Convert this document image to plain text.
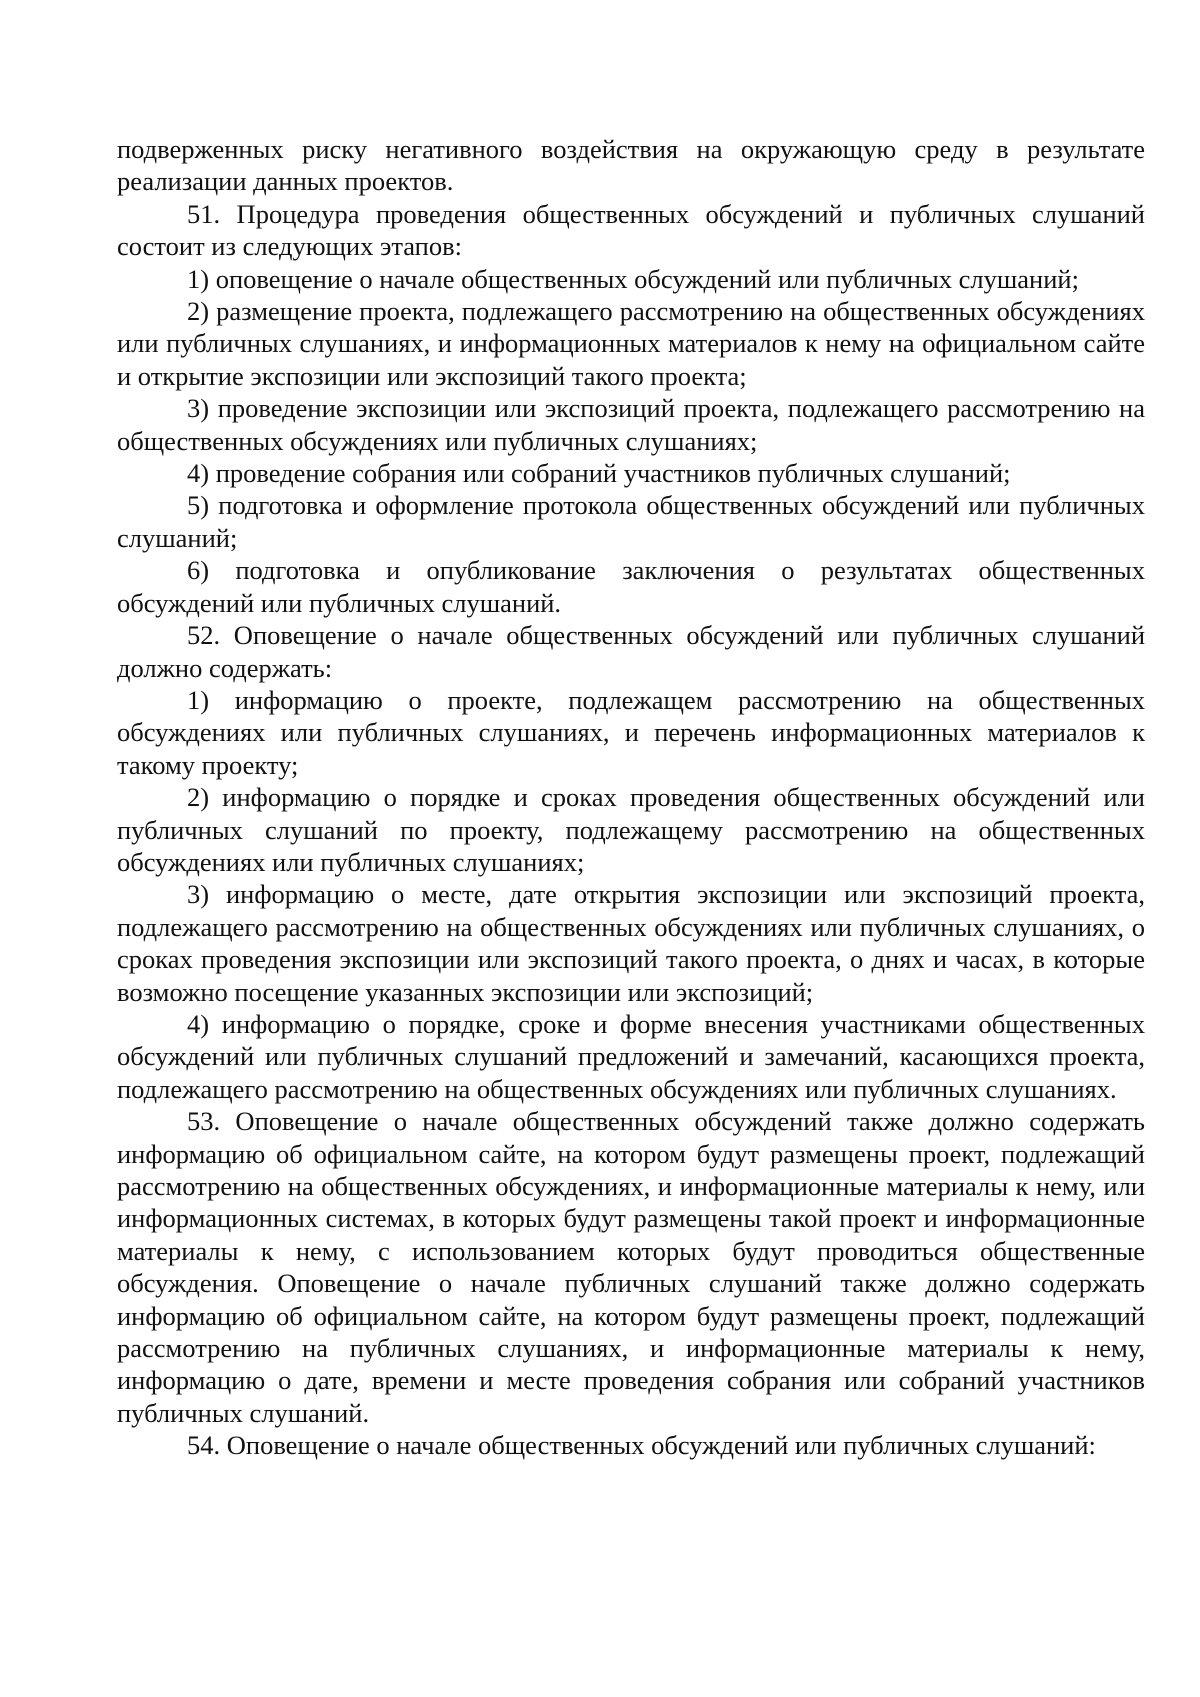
подверженных риску негативного воздействия на окружающую среду в результате реализации данных проектов.

51. Процедура проведения общественных обсуждений и публичных слушаний состоит из следующих этапов:

1) оповещение о начале общественных обсуждений или публичных слушаний;

2) размещение проекта, подлежащего рассмотрению на общественных обсуждениях или публичных слушаниях, и информационных материалов к нему на официальном сайте и открытие экспозиции или экспозиций такого проекта;

3) проведение экспозиции или экспозиций проекта, подлежащего рассмотрению на общественных обсуждениях или публичных слушаниях;

4) проведение собрания или собраний участников публичных слушаний;

5) подготовка и оформление протокола общественных обсуждений или публичных слушаний;

6) подготовка и опубликование заключения о результатах общественных обсуждений или публичных слушаний.

52. Оповещение о начале общественных обсуждений или публичных слушаний должно содержать:

1) информацию о проекте, подлежащем рассмотрению на общественных обсуждениях или публичных слушаниях, и перечень информационных материалов к такому проекту;

2) информацию о порядке и сроках проведения общественных обсуждений или публичных слушаний по проекту, подлежащему рассмотрению на общественных обсуждениях или публичных слушаниях;

3) информацию о месте, дате открытия экспозиции или экспозиций проекта, подлежащего рассмотрению на общественных обсуждениях или публичных слушаниях, о сроках проведения экспозиции или экспозиций такого проекта, о днях и часах, в которые возможно посещение указанных экспозиции или экспозиций;

4) информацию о порядке, сроке и форме внесения участниками общественных обсуждений или публичных слушаний предложений и замечаний, касающихся проекта, подлежащего рассмотрению на общественных обсуждениях или публичных слушаниях.

53. Оповещение о начале общественных обсуждений также должно содержать информацию об официальном сайте, на котором будут размещены проект, подлежащий рассмотрению на общественных обсуждениях, и информационные материалы к нему, или информационных системах, в которых будут размещены такой проект и информационные материалы к нему, с использованием которых будут проводиться общественные обсуждения. Оповещение о начале публичных слушаний также должно содержать информацию об официальном сайте, на котором будут размещены проект, подлежащий рассмотрению на публичных слушаниях, и информационные материалы к нему, информацию о дате, времени и месте проведения собрания или собраний участников публичных слушаний.

54. Оповещение о начале общественных обсуждений или публичных слушаний:
